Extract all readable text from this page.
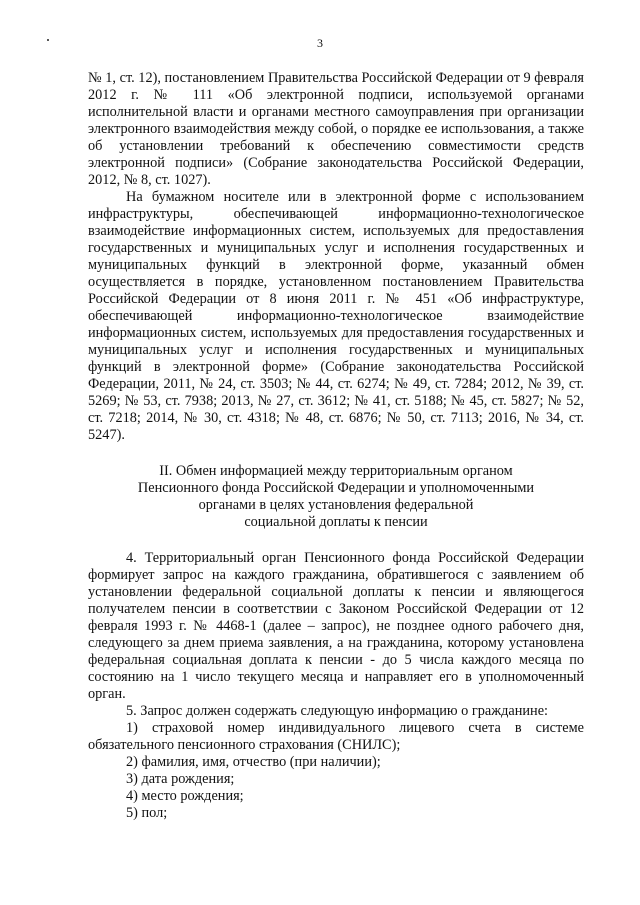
3

№ 1, ст. 12), постановлением Правительства Российской Федерации от 9 февраля 2012 г. № 111 «Об электронной подписи, используемой органами исполнительной власти и органами местного самоуправления при организации электронного взаимодействия между собой, о порядке ее использования, а также об установлении требований к обеспечению совместимости средств электронной подписи» (Собрание законодательства Российской Федерации, 2012, № 8, ст. 1027).

На бумажном носителе или в электронной форме с использованием инфраструктуры, обеспечивающей информационно-технологическое взаимодействие информационных систем, используемых для предоставления государственных и муниципальных услуг и исполнения государственных и муниципальных функций в электронной форме, указанный обмен осуществляется в порядке, установленном постановлением Правительства Российской Федерации от 8 июня 2011 г. № 451 «Об инфраструктуре, обеспечивающей информационно-технологическое взаимодействие информационных систем, используемых для предоставления государственных и муниципальных услуг и исполнения государственных и муниципальных функций в электронной форме» (Собрание законодательства Российской Федерации, 2011, № 24, ст. 3503; № 44, ст. 6274; № 49, ст. 7284; 2012, № 39, ст. 5269; № 53, ст. 7938; 2013, № 27, ст. 3612; № 41, ст. 5188; № 45, ст. 5827; № 52, ст. 7218; 2014, № 30, ст. 4318; № 48, ст. 6876; № 50, ст. 7113; 2016, № 34, ст. 5247).

II. Обмен информацией между территориальным органом
Пенсионного фонда Российской Федерации и уполномоченными
органами в целях установления федеральной
социальной доплаты к пенсии

4. Территориальный орган Пенсионного фонда Российской Федерации формирует запрос на каждого гражданина, обратившегося с заявлением об установлении федеральной социальной доплаты к пенсии и являющегося получателем пенсии в соответствии с Законом Российской Федерации от 12 февраля 1993 г. № 4468-1 (далее – запрос), не позднее одного рабочего дня, следующего за днем приема заявления, а на гражданина, которому установлена федеральная социальная доплата к пенсии - до 5 числа каждого месяца по состоянию на 1 число текущего месяца и направляет его в уполномоченный орган.

5. Запрос должен содержать следующую информацию о гражданине:

1) страховой номер индивидуального лицевого счета в системе обязательного пенсионного страхования (СНИЛС);

2) фамилия, имя, отчество (при наличии);

3) дата рождения;

4) место рождения;

5) пол;
